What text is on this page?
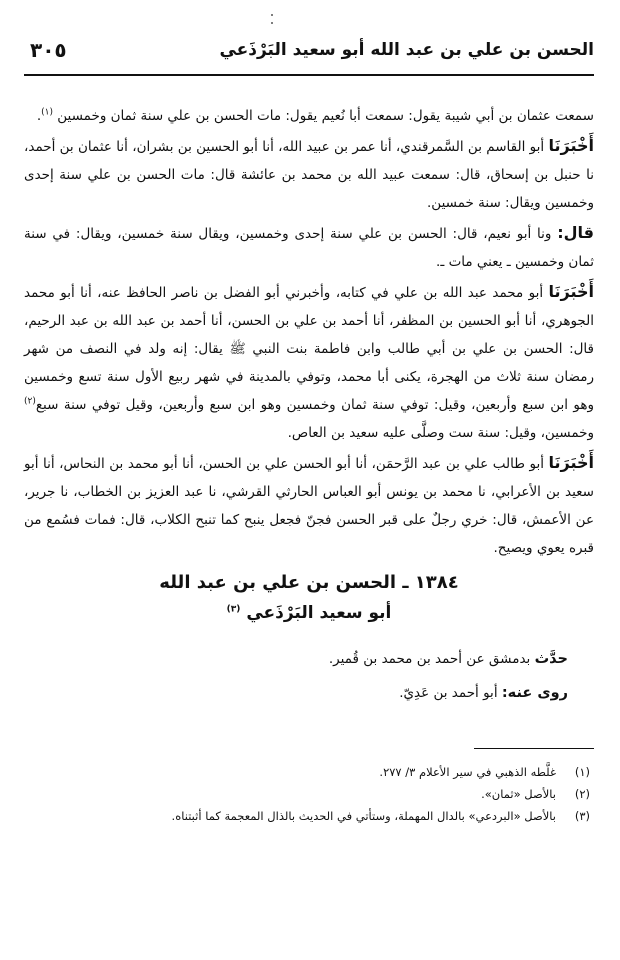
الحسن بن علي بن عبد الله أبو سعيد البَرْذَعي
٣٠٥

سمعت عثمان بن أبي شيبة يقول: سمعت أبا نُعيم يقول: مات الحسن بن علي سنة ثمان وخمسين $^{(١)}$.

أَخْبَرَنَا أبو القاسم بن السَّمرقندي، أنا عمر بن عبيد الله، أنا أبو الحسين بن بشران، أنا عثمان بن أحمد، نا حنبل بن إسحاق، قال: سمعت عبيد الله بن محمد بن عائشة قال: مات الحسن بن علي سنة إحدى وخمسين ويقال: سنة خمسين.

قال: ونا أبو نعيم، قال: الحسن بن علي سنة إحدى وخمسين، ويقال سنة خمسين، ويقال: في سنة ثمان وخمسين ـ يعني مات ـ.

أَخْبَرَنَا أبو محمد عبد الله بن علي في كتابه، وأخبرني أبو الفضل بن ناصر الحافظ عنه، أنا أبو محمد الجوهري، أنا أبو الحسين بن المظفر، أنا أحمد بن علي بن الحسن، أنا أحمد بن عبد الله بن عبد الرحيم، قال: الحسن بن علي بن أبي طالب وابن فاطمة بنت النبي ﷺ يقال: إنه ولد في النصف من شهر رمضان سنة ثلاث من الهجرة، يكنى أبا محمد، وتوفي بالمدينة في شهر ربيع الأول سنة تسع وخمسين وهو ابن سبع وأربعين، وقيل: توفي سنة ثمان وخمسين وهو ابن سبع وأربعين، وقيل توفي سنة سبع$^{(٢)}$ وخمسين، وقيل: سنة ست وصلَّى عليه سعيد بن العاص.

أَخْبَرَنَا أبو طالب علي بن عبد الرَّحمَن، أنا أبو الحسن علي بن الحسن، أنا أبو محمد بن النحاس، أنا أبو سعيد بن الأعرابي، نا محمد بن يونس أبو العباس الحارثي القرشي، نا عبد العزيز بن الخطاب، نا جرير، عن الأعمش، قال: خري رجلٌ على قبر الحسن فجنّ فجعل ينبح كما تنبح الكلاب، قال: فمات فسُمع من قبره يعوي ويصيح.

١٣٨٤ ـ الحسن بن علي بن عبد الله
أبو سعيد البَرْذَعي $^{(٣)}$
حدَّث بدمشق عن أحمد بن محمد بن قُمير.
روى عنه: أبو أحمد بن عَدِيّ.
(١)غلَّطه الذهبي في سير الأعلام ٣/ ٢٧٧.
(٢)بالأصل «ثمان».
(٣)بالأصل «البردعي» بالدال المهملة، وستأتي في الحديث بالذال المعجمة كما أثبتناه.
